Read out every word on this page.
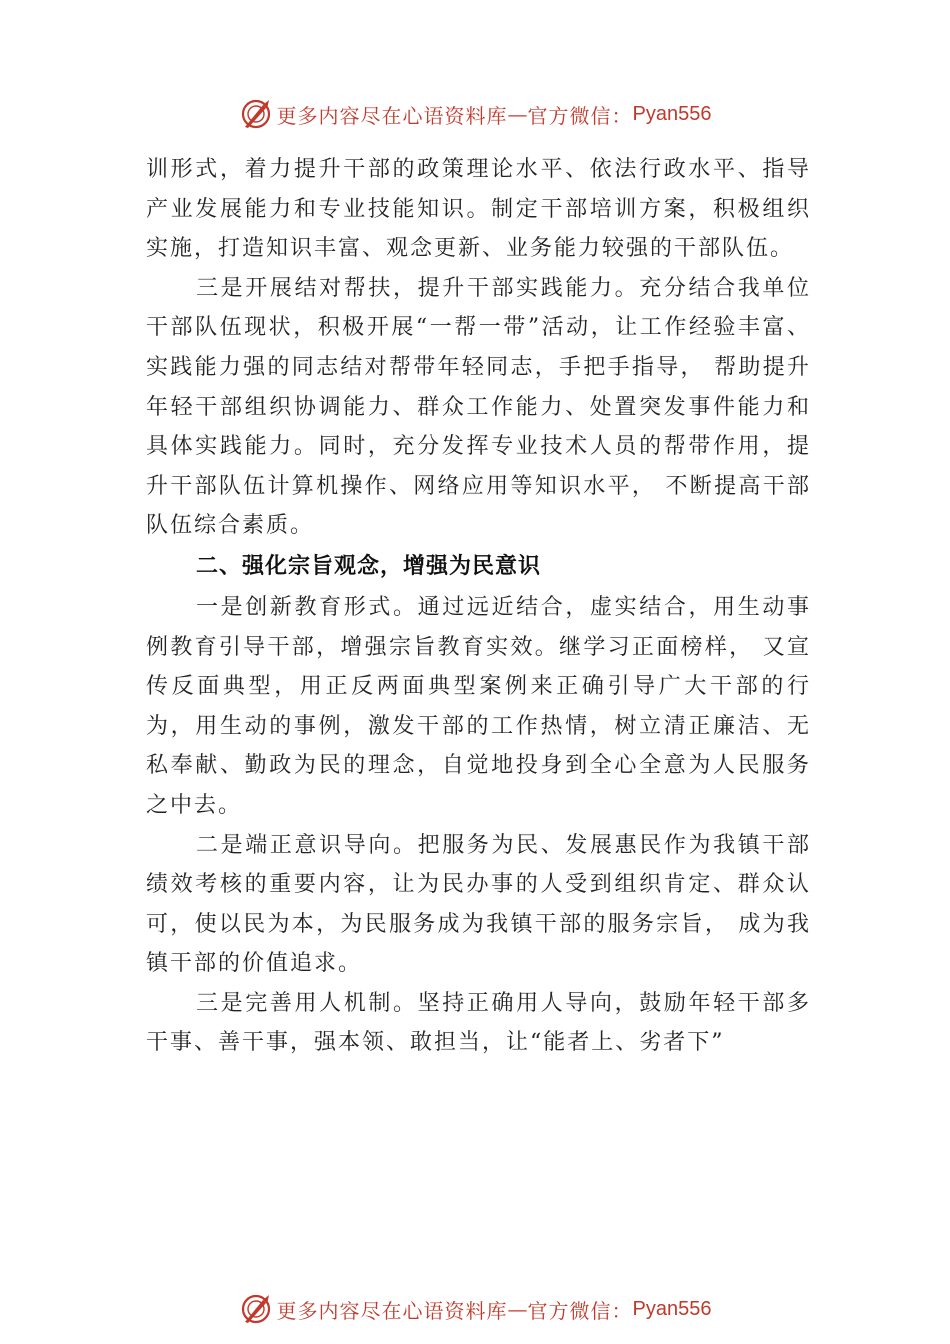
更多内容尽在心语资料库 — 官方微信： Pyan556

训形式，着力提升干部的政策理论水平、依法行政水平、指导产业发展能力和专业技能知识。制定干部培训方案，积极组织实施，打造知识丰富、观念更新、业务能力较强的干部队伍。

三是开展结对帮扶，提升干部实践能力。充分结合我单位干部队伍现状，积极开展“一帮一带”活动，让工作经验丰富、实践能力强的同志结对帮带年轻同志，手把手指导， 帮助提升年轻干部组织协调能力、群众工作能力、处置突发事件能力和具体实践能力。同时，充分发挥专业技术人员的帮带作用，提升干部队伍计算机操作、网络应用等知识水平， 不断提高干部队伍综合素质。

二、强化宗旨观念，增强为民意识

一是创新教育形式。通过远近结合，虚实结合，用生动事例教育引导干部，增强宗旨教育实效。继学习正面榜样， 又宣传反面典型，用正反两面典型案例来正确引导广大干部的行为，用生动的事例，激发干部的工作热情，树立清正廉洁、无私奉献、勤政为民的理念，自觉地投身到全心全意为人民服务之中去。

二是端正意识导向。把服务为民、发展惠民作为我镇干部绩效考核的重要内容，让为民办事的人受到组织肯定、群众认可，使以民为本，为民服务成为我镇干部的服务宗旨， 成为我镇干部的价值追求。

三是完善用人机制。坚持正确用人导向，鼓励年轻干部多干事、善干事，强本领、敢担当，让“能者上、劣者下”

更多内容尽在心语资料库 — 官方微信： Pyan556
